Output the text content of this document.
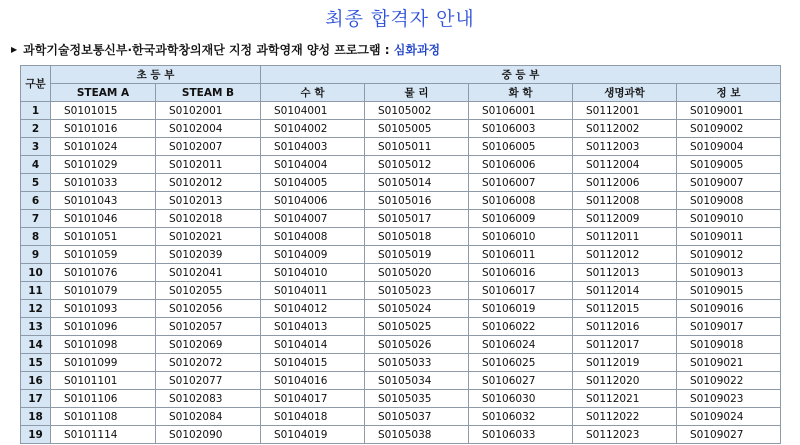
최종 합격자 안내
▶ 과학기술정보통신부·한국과학창의재단 지정 과학영재 양성 프로그램 : 심화과정
구분	초 등 부		중 등 부				
	STEAM A	STEAM B	수 학	물 리	화 학	생명과학	정 보
1	S0101015	S0102001	S0104001	S0105002	S0106001	S0112001	S0109001
2	S0101016	S0102004	S0104002	S0105005	S0106003	S0112002	S0109002
3	S0101024	S0102007	S0104003	S0105011	S0106005	S0112003	S0109004
4	S0101029	S0102011	S0104004	S0105012	S0106006	S0112004	S0109005
5	S0101033	S0102012	S0104005	S0105014	S0106007	S0112006	S0109007
6	S0101043	S0102013	S0104006	S0105016	S0106008	S0112008	S0109008
7	S0101046	S0102018	S0104007	S0105017	S0106009	S0112009	S0109010
8	S0101051	S0102021	S0104008	S0105018	S0106010	S0112011	S0109011
9	S0101059	S0102039	S0104009	S0105019	S0106011	S0112012	S0109012
10	S0101076	S0102041	S0104010	S0105020	S0106016	S0112013	S0109013
11	S0101079	S0102055	S0104011	S0105023	S0106017	S0112014	S0109015
12	S0101093	S0102056	S0104012	S0105024	S0106019	S0112015	S0109016
13	S0101096	S0102057	S0104013	S0105025	S0106022	S0112016	S0109017
14	S0101098	S0102069	S0104014	S0105026	S0106024	S0112017	S0109018
15	S0101099	S0102072	S0104015	S0105033	S0106025	S0112019	S0109021
16	S0101101	S0102077	S0104016	S0105034	S0106027	S0112020	S0109022
17	S0101106	S0102083	S0104017	S0105035	S0106030	S0112021	S0109023
18	S0101108	S0102084	S0104018	S0105037	S0106032	S0112022	S0109024
19	S0101114	S0102090	S0104019	S0105038	S0106033	S0112023	S0109027
